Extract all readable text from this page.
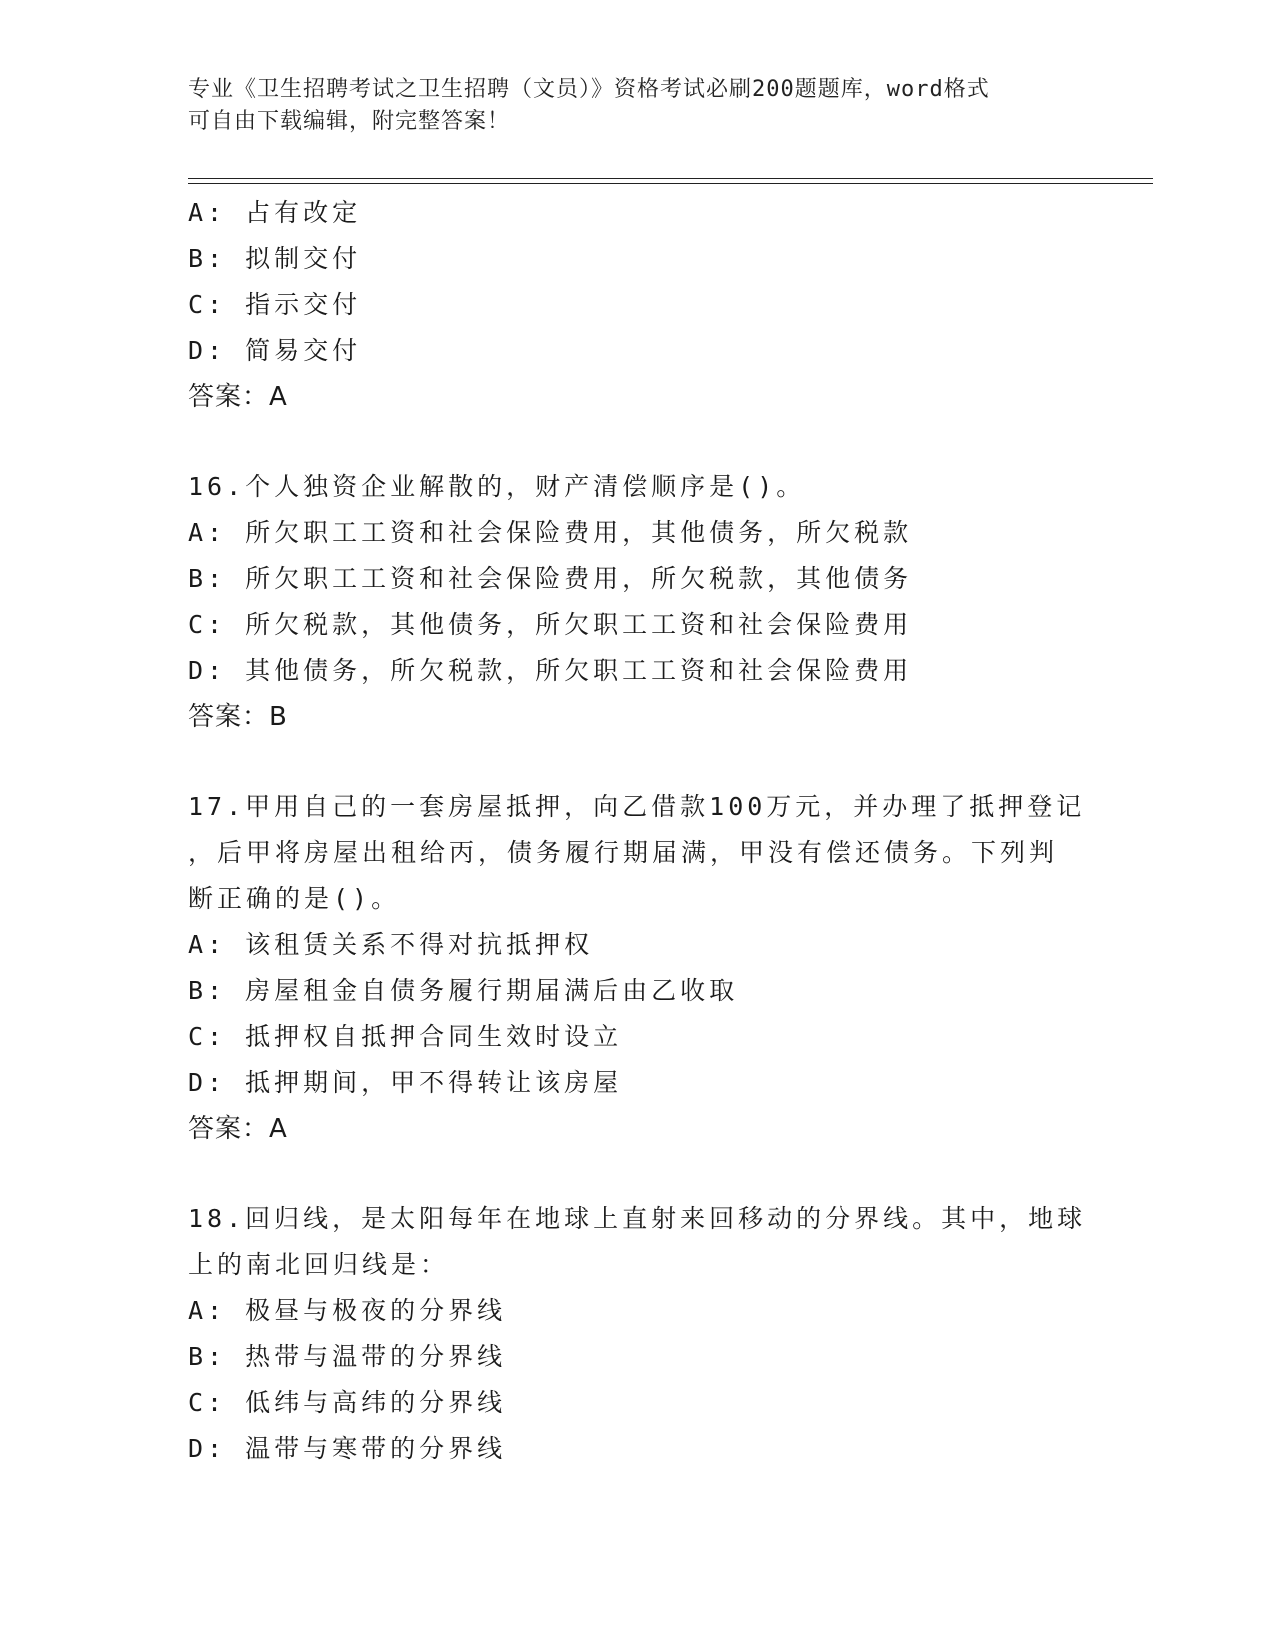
专业《卫生招聘考试之卫生招聘（文员）》资格考试必刷200题题库，word格式
可自由下载编辑，附完整答案！
A: 占有改定
B: 拟制交付
C: 指示交付
D: 简易交付
答案：A
16.个人独资企业解散的，财产清偿顺序是()。
A: 所欠职工工资和社会保险费用，其他债务，所欠税款
B: 所欠职工工资和社会保险费用，所欠税款，其他债务
C: 所欠税款，其他债务，所欠职工工资和社会保险费用
D: 其他债务，所欠税款，所欠职工工资和社会保险费用
答案：B
17.甲用自己的一套房屋抵押，向乙借款100万元，并办理了抵押登记
，后甲将房屋出租给丙，债务履行期届满，甲没有偿还债务。下列判
断正确的是()。
A: 该租赁关系不得对抗抵押权
B: 房屋租金自债务履行期届满后由乙收取
C: 抵押权自抵押合同生效时设立
D: 抵押期间，甲不得转让该房屋
答案：A
18.回归线，是太阳每年在地球上直射来回移动的分界线。其中，地球
上的南北回归线是：
A: 极昼与极夜的分界线
B: 热带与温带的分界线
C: 低纬与高纬的分界线
D: 温带与寒带的分界线
